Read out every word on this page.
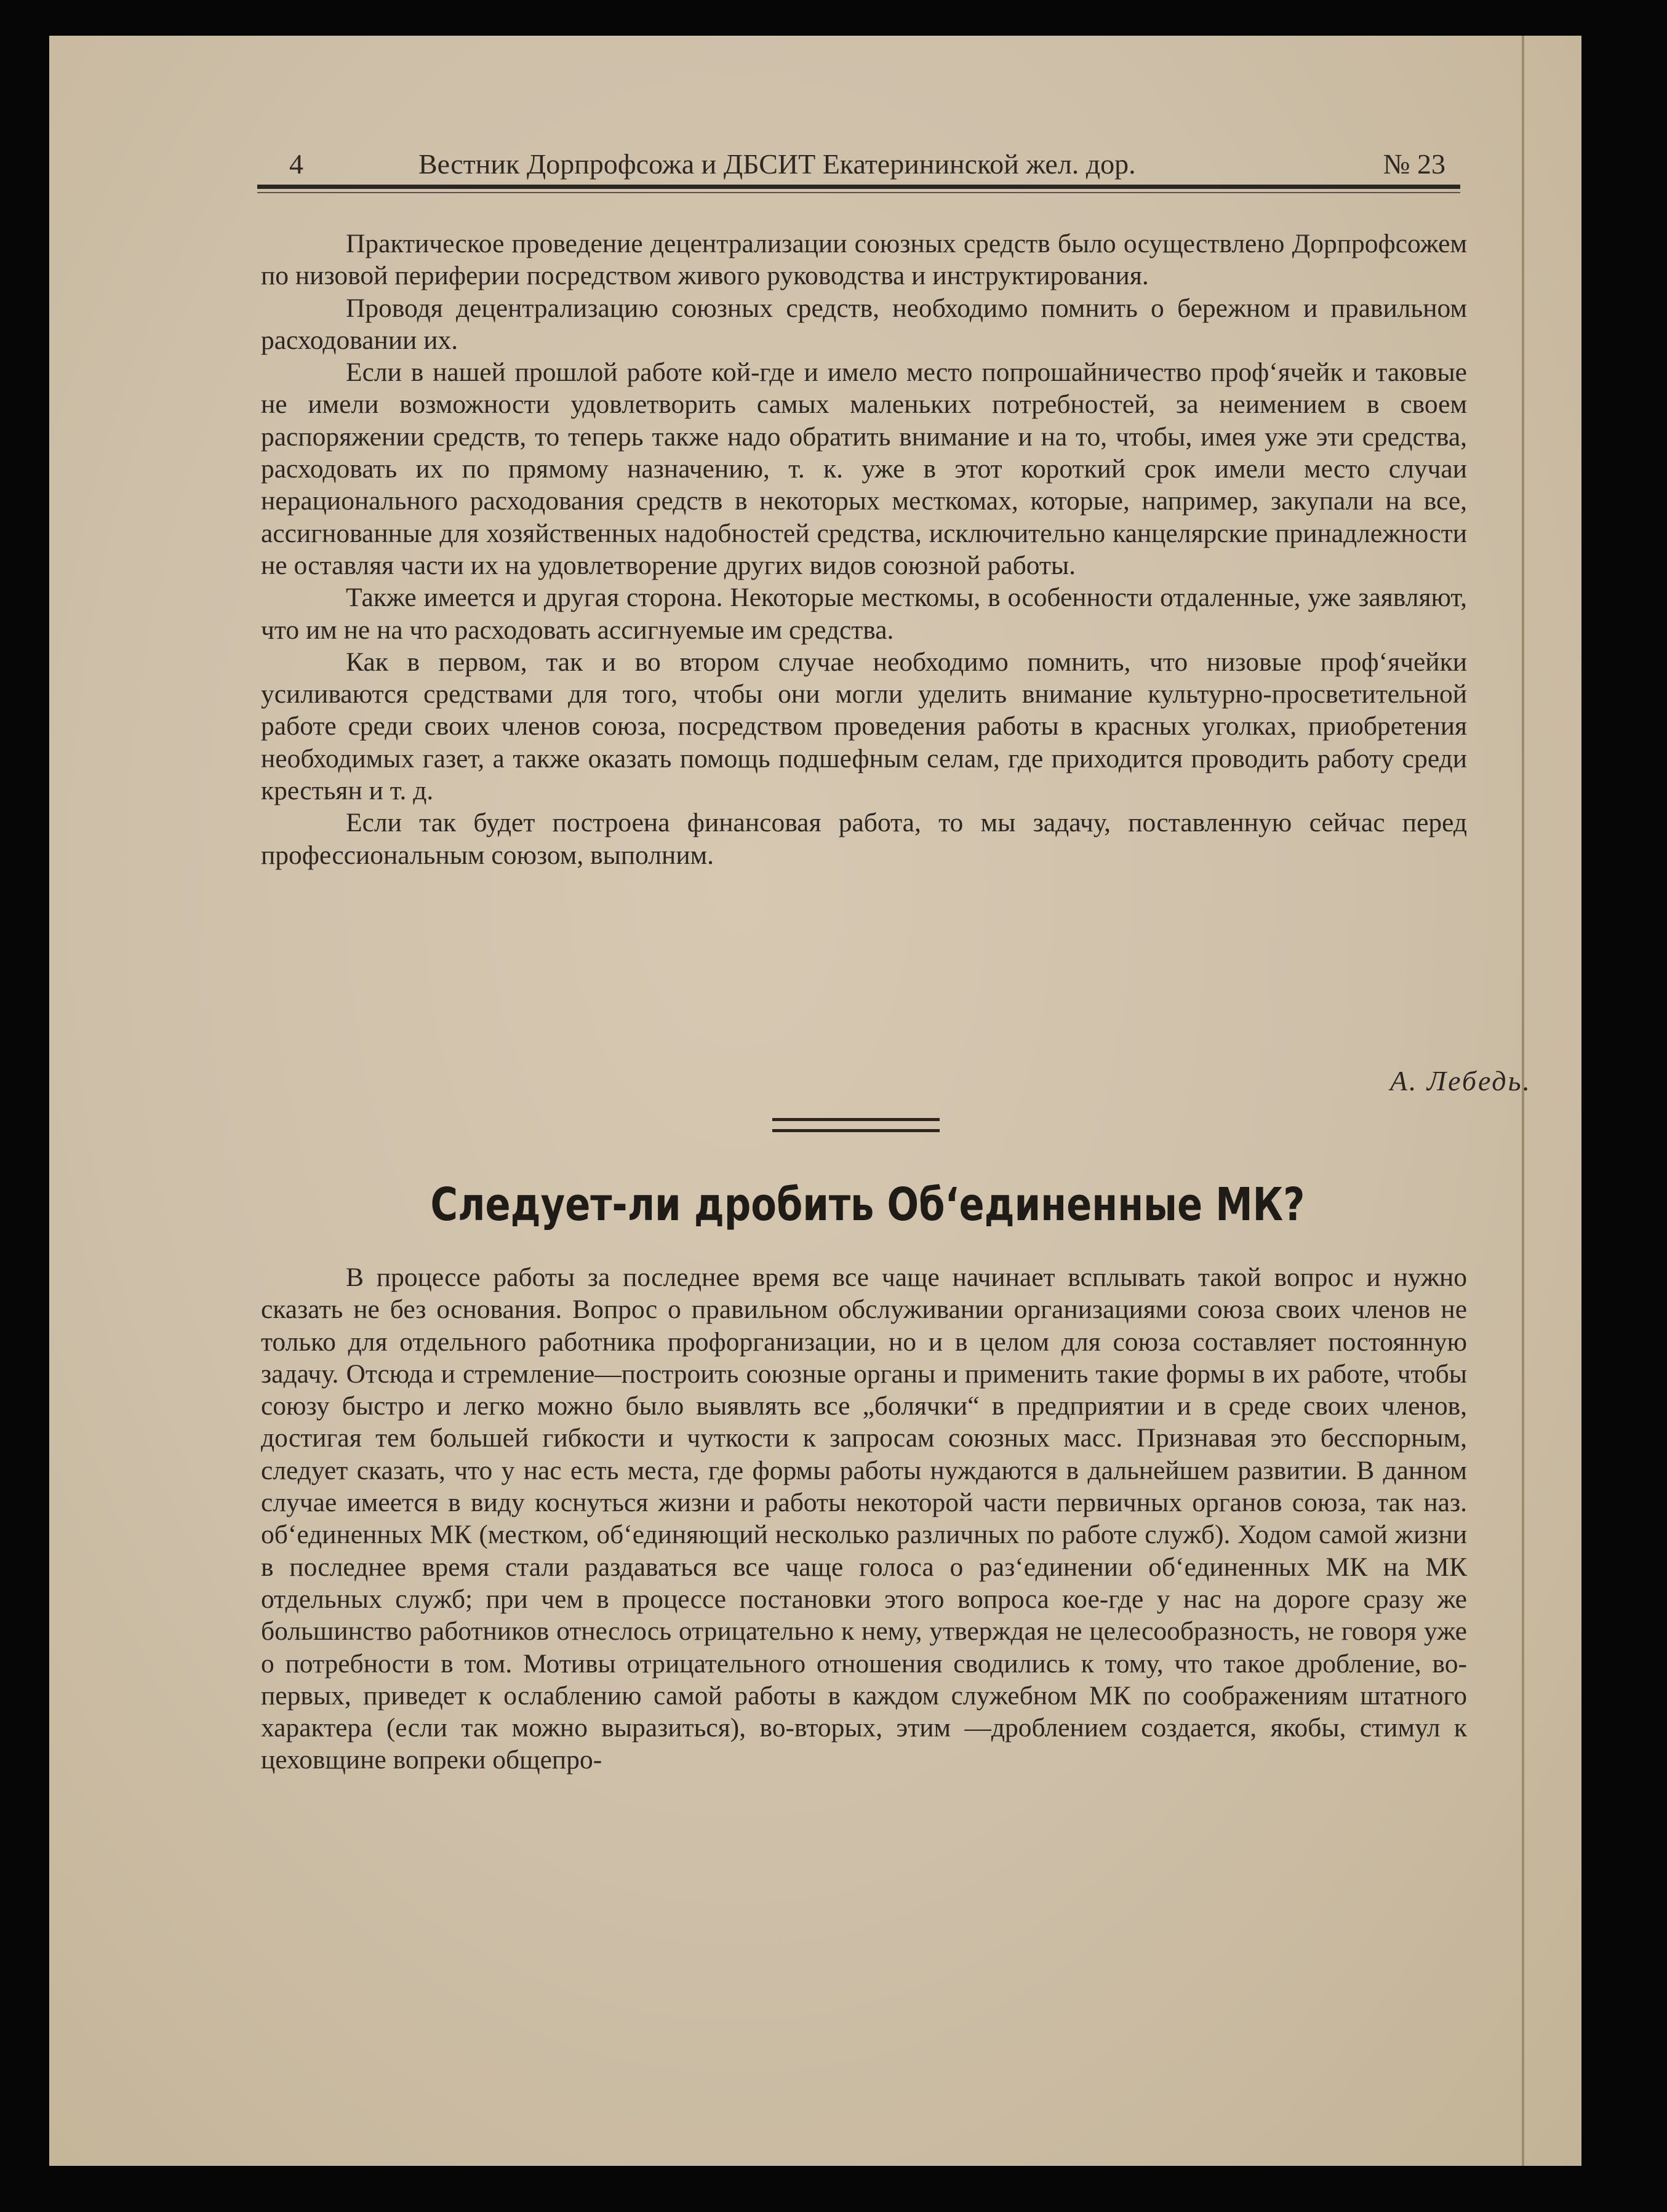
4	Вестник Дорпрофсожа и ДБСИТ Екатерининской жел. дор.	№ 23

Практическое проведение децентрализации союзных средств было осуществлено Дорпрофсожем по низовой периферии посредством живого руководства и инструктирования.

Проводя децентрализацию союзных средств, необходимо помнить о бережном и правильном расходовании их.

Если в нашей прошлой работе кой-где и имело место попрошайничество проф‘ячейк и таковые не имели возможности удовлетворить самых маленьких потребностей, за неимением в своем распоряжении средств, то теперь также надо обратить внимание и на то, чтобы, имея уже эти средства, расходовать их по прямому назначению, т. к. уже в этот короткий срок имели место случаи нерационального расходования средств в некоторых месткомах, которые, например, закупали на все, ассигнованные для хозяйственных надобностей средства, исключительно канцелярские принадлежности не оставляя части их на удовлетворение других видов союзной работы.

Также имеется и другая сторона. Некоторые месткомы, в особенности отдаленные, уже заявляют, что им не на что расходовать ассигнуемые им средства.

Как в первом, так и во втором случае необходимо помнить, что низовые проф‘ячейки усиливаются средствами для того, чтобы они могли уделить внимание культурно-просветительной работе среди своих членов союза, посредством проведения работы в красных уголках, приобретения необходимых газет, а также оказать помощь подшефным селам, где приходится проводить работу среди крестьян и т. д.

Если так будет построена финансовая работа, то мы задачу, поставленную сейчас перед профессиональным союзом, выполним.

А. Лебедь.
Следует-ли дробить Об‘единенные МК?

В процессе работы за последнее время все чаще начинает всплывать такой вопрос и нужно сказать не без основания. Вопрос о правильном обслуживании организациями союза своих членов не только для отдельного работника профорганизации, но и в целом для союза составляет постоянную задачу. Отсюда и стремление—построить союзные органы и применить такие формы в их работе, чтобы союзу быстро и легко можно было выявлять все „болячки“ в предприятии и в среде своих членов, достигая тем большей гибкости и чуткости к запросам союзных масс. Признавая это бесспорным, следует сказать, что у нас есть места, где формы работы нуждаются в дальнейшем развитии. В данном случае имеется в виду коснуться жизни и работы некоторой части первичных органов союза, так наз. об‘единенных МК (местком, об‘единяющий несколько различных по работе служб). Ходом самой жизни в последнее время стали раздаваться все чаще голоса о раз‘единении об‘единенных МК на МК отдельных служб; при чем в процессе постановки этого вопроса кое-где у нас на дороге сразу же большинство работников отнеслось отрицательно к нему, утверждая не целесообразность, не говоря уже о потребности в том. Мотивы отрицательного отношения сводились к тому, что такое дробление, во-первых, приведет к ослаблению самой работы в каждом служебном МК по соображениям штатного характера (если так можно выразиться), во-вторых, этим —дроблением создается, якобы, стимул к цеховщине вопреки общепро-
